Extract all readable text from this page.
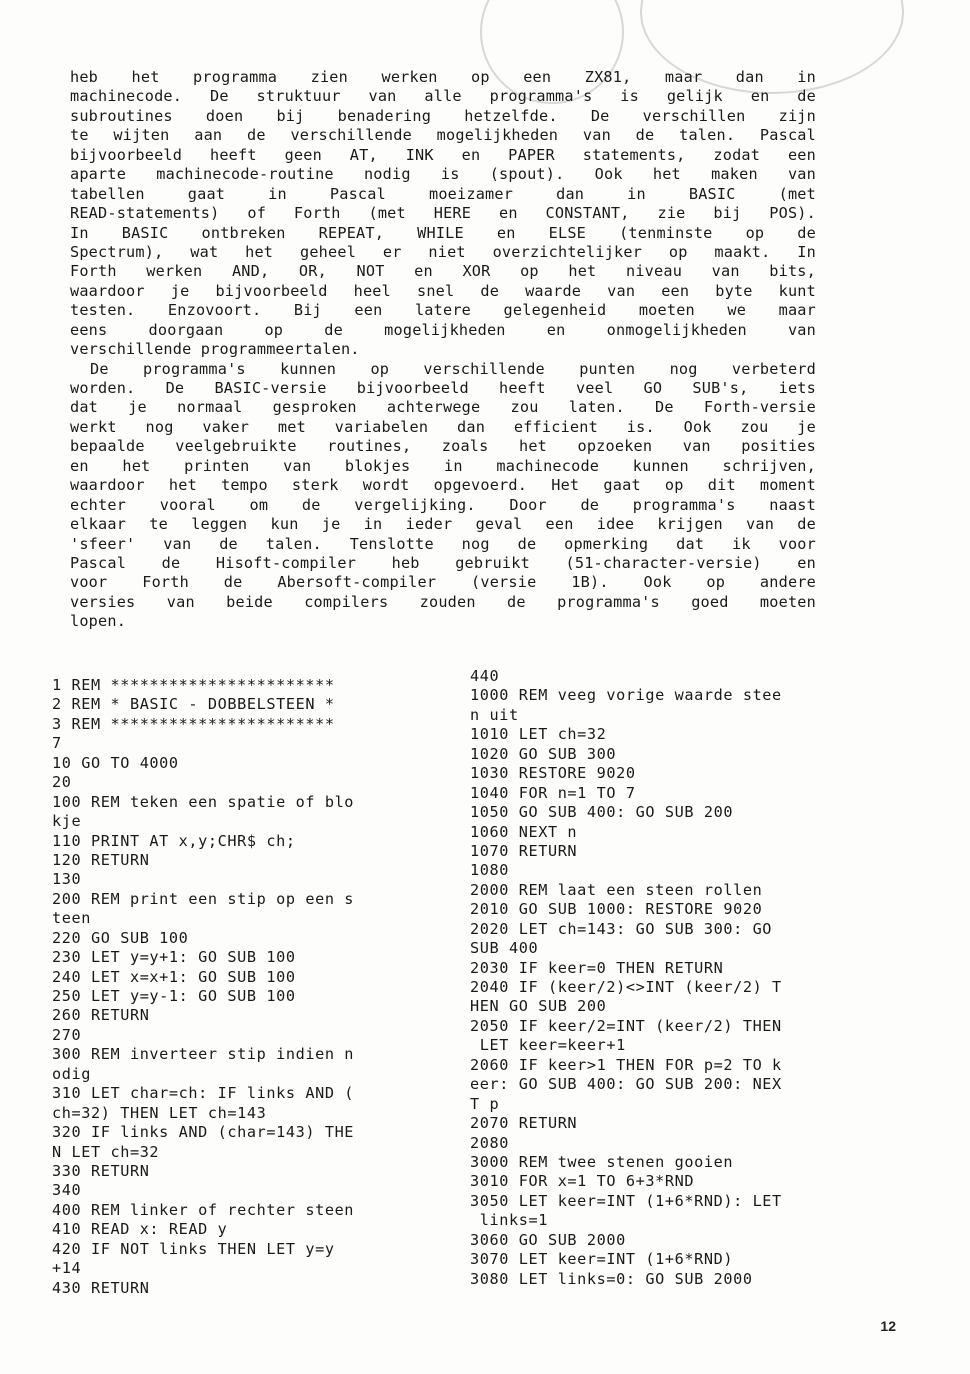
heb het programma zien werken op een ZX81, maar dan in
machinecode. De struktuur van alle programma's is gelijk en de
subroutines doen bij benadering hetzelfde. De verschillen zijn
te wijten aan de verschillende mogelijkheden van de talen. Pascal
bijvoorbeeld heeft geen AT, INK en PAPER statements, zodat een
aparte machinecode-routine nodig is (spout). Ook het maken van
tabellen gaat in Pascal moeizamer dan in BASIC (met
READ-statements) of Forth (met HERE en CONSTANT, zie bij POS).
In BASIC ontbreken REPEAT, WHILE en ELSE (tenminste op de
Spectrum), wat het geheel er niet overzichtelijker op maakt. In
Forth werken AND, OR, NOT en XOR op het niveau van bits,
waardoor je bijvoorbeeld heel snel de waarde van een byte kunt
testen. Enzovoort. Bij een latere gelegenheid moeten we maar
eens doorgaan op de mogelijkheden en onmogelijkheden van
verschillende programmeertalen.
De programma's kunnen op verschillende punten nog verbeterd
worden. De BASIC-versie bijvoorbeeld heeft veel GO SUB's, iets
dat je normaal gesproken achterwege zou laten. De Forth-versie
werkt nog vaker met variabelen dan efficient is. Ook zou je
bepaalde veelgebruikte routines, zoals het opzoeken van posities
en het printen van blokjes in machinecode kunnen schrijven,
waardoor het tempo sterk wordt opgevoerd. Het gaat op dit moment
echter vooral om de vergelijking. Door de programma's naast
elkaar te leggen kun je in ieder geval een idee krijgen van de
'sfeer' van de talen. Tenslotte nog de opmerking dat ik voor
Pascal de Hisoft-compiler heb gebruikt (51-character-versie) en
voor Forth de Abersoft-compiler (versie 1B). Ook op andere
versies van beide compilers zouden de programma's goed moeten
lopen.
1 REM ***********************
2 REM * BASIC - DOBBELSTEEN *
3 REM ***********************
7
10 GO TO 4000
20
100 REM teken een spatie of blo
kje
110 PRINT AT x,y;CHR$ ch;
120 RETURN
130
200 REM print een stip op een s
teen
220 GO SUB 100
230 LET y=y+1: GO SUB 100
240 LET x=x+1: GO SUB 100
250 LET y=y-1: GO SUB 100
260 RETURN
270
300 REM inverteer stip indien n
odig
310 LET char=ch: IF links AND (
ch=32) THEN LET ch=143
320 IF links AND (char=143) THE
N LET ch=32
330 RETURN
340
400 REM linker of rechter steen
410 READ x: READ y
420 IF NOT links THEN LET y=y
+14
430 RETURN
440
1000 REM veeg vorige waarde stee
n uit
1010 LET ch=32
1020 GO SUB 300
1030 RESTORE 9020
1040 FOR n=1 TO 7
1050 GO SUB 400: GO SUB 200
1060 NEXT n
1070 RETURN
1080
2000 REM laat een steen rollen
2010 GO SUB 1000: RESTORE 9020
2020 LET ch=143: GO SUB 300: GO
SUB 400
2030 IF keer=0 THEN RETURN
2040 IF (keer/2)<>INT (keer/2) T
HEN GO SUB 200
2050 IF keer/2=INT (keer/2) THEN
LET keer=keer+1
2060 IF keer>1 THEN FOR p=2 TO k
eer: GO SUB 400: GO SUB 200: NEX
T p
2070 RETURN
2080
3000 REM twee stenen gooien
3010 FOR x=1 TO 6+3*RND
3050 LET keer=INT (1+6*RND): LET
links=1
3060 GO SUB 2000
3070 LET keer=INT (1+6*RND)
3080 LET links=0: GO SUB 2000
12
